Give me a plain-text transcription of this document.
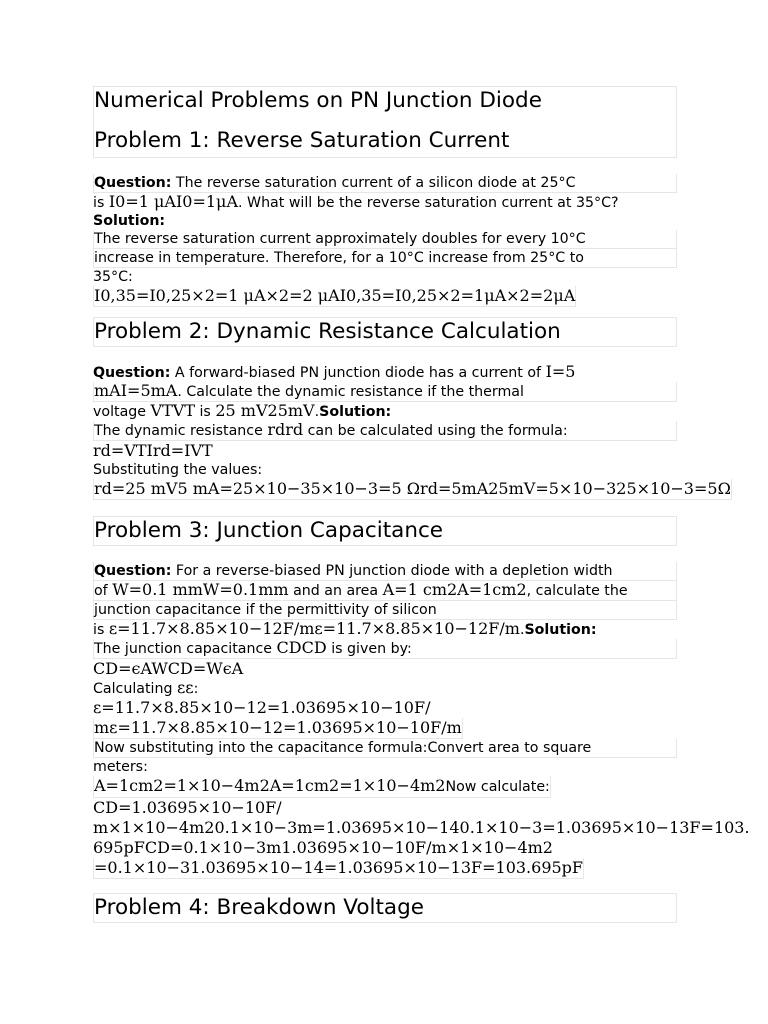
Numerical Problems on PN Junction Diode
Problem 1: Reverse Saturation Current
Question: The reverse saturation current of a silicon diode at 25°C
is I0=1 μAI0=1μA. What will be the reverse saturation current at 35°C?
Solution:
The reverse saturation current approximately doubles for every 10°C
increase in temperature. Therefore, for a 10°C increase from 25°C to
35°C:
I0,35=I0,25×2=1 μA×2=2 μAI0,35=I0,25×2=1μA×2=2μA
Problem 2: Dynamic Resistance Calculation
Question: A forward-biased PN junction diode has a current of I=5
mAI=5mA. Calculate the dynamic resistance if the thermal
voltage VTVT is 25 mV25mV.Solution:
The dynamic resistance rdrd can be calculated using the formula:
rd=VTIrd=IVT
Substituting the values:
rd=25 mV5 mA=25×10−35×10−3=5 Ωrd=5mA25mV=5×10−325×10−3=5Ω
Problem 3: Junction Capacitance
Question: For a reverse-biased PN junction diode with a depletion width
of W=0.1 mmW=0.1mm and an area A=1 cm2A=1cm2, calculate the
junction capacitance if the permittivity of silicon
is ε=11.7×8.85×10−12F/mε=11.7×8.85×10−12F/m.Solution:
The junction capacitance CDCD is given by:
CD=ϵAWCD=WϵA
Calculating εε:
ε=11.7×8.85×10−12=1.03695×10−10F/
mε=11.7×8.85×10−12=1.03695×10−10F/m
Now substituting into the capacitance formula:Convert area to square
meters:
A=1cm2=1×10−4m2A=1cm2=1×10−4m2Now calculate:
CD=1.03695×10−10F/
m×1×10−4m20.1×10−3m=1.03695×10−140.1×10−3=1.03695×10−13F=103.
695pFCD=0.1×10−3m1.03695×10−10F/m×1×10−4m2
=0.1×10−31.03695×10−14=1.03695×10−13F=103.695pF
Problem 4: Breakdown Voltage
